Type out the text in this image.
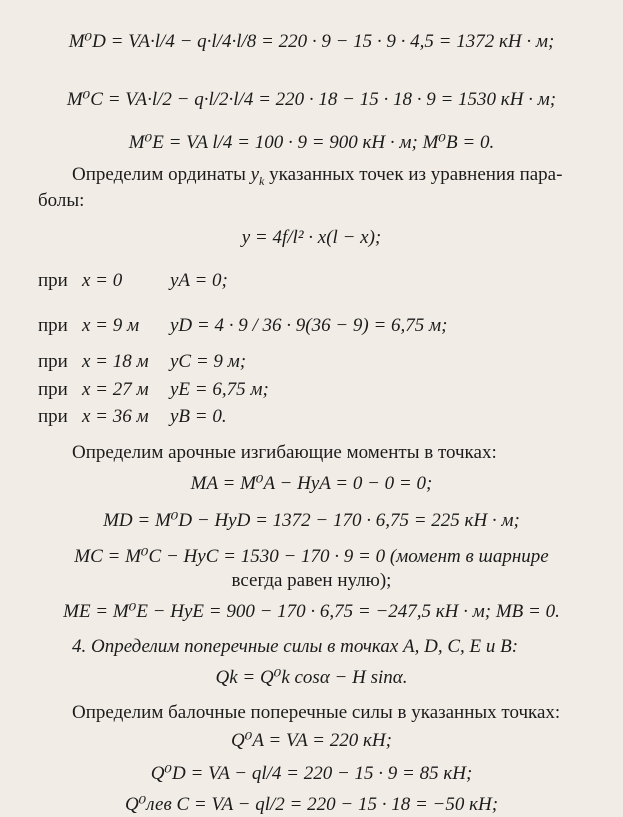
M⁰D = VA·l/4 − q·l/4·l/8 = 220 · 9 − 15 · 9 · 4,5 = 1372 кН · м;
M⁰C = VA·l/2 − q·l/2·l/4 = 220 · 18 − 15 · 18 · 9 = 1530 кН · м;
M⁰E = VA l/4 = 100 · 9 = 900 кН · м; M⁰B = 0.
Определим ординаты $y_k$ указанных точек из уравнения пара-
болы:
y = 4f/l² · x(l − x);
при x = 0	yA = 0;
при x = 9 м yD = 4 · 9 / 36 · 9(36 − 9) = 6,75 м;
при x = 18 м yC = 9 м;
при x = 27 м yE = 6,75 м;
при x = 36 м yB = 0.
Определим арочные изгибающие моменты в точках:
MA = M⁰A − HyA = 0 − 0 = 0;
MD = M⁰D − HyD = 1372 − 170 · 6,75 = 225 кН · м;
MC = M⁰C − HyC = 1530 − 170 · 9 = 0 (момент в шарнире
всегда равен нулю);
ME = M⁰E − HyE = 900 − 170 · 6,75 = −247,5 кН · м; MB = 0.
4. Определим поперечные силы в точках A, D, C, E и B:
Qk = Q⁰k cosα − H sinα.
Определим балочные поперечные силы в указанных точках:
Q⁰A = VA = 220 кН;
Q⁰D = VA − ql/4 = 220 − 15 · 9 = 85 кН;
Q⁰лев C = VA − ql/2 = 220 − 15 · 18 = −50 кН;
